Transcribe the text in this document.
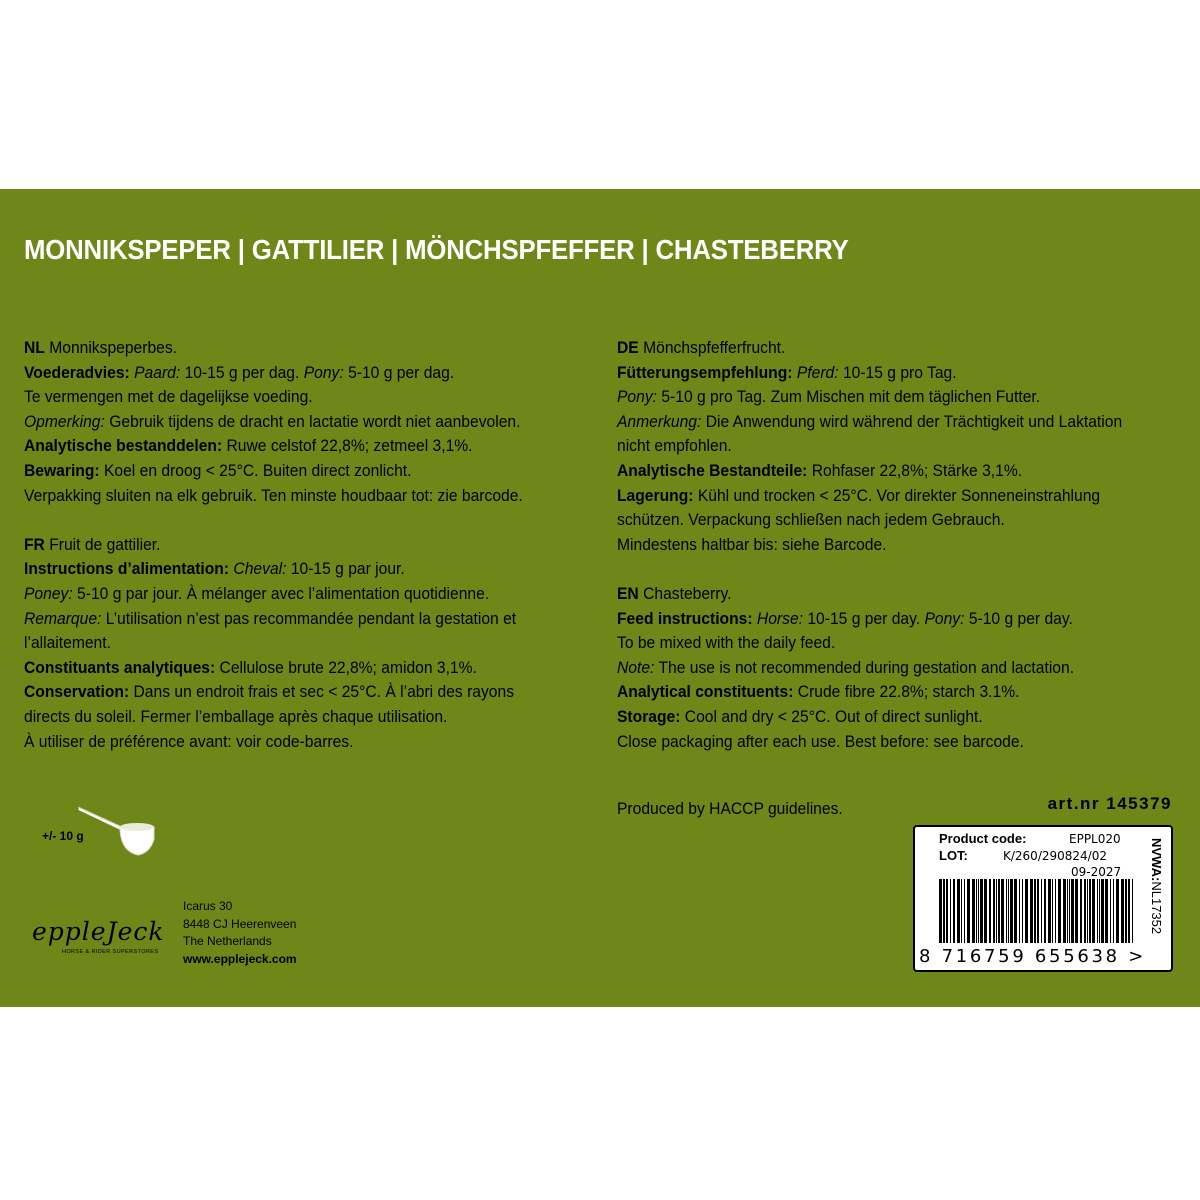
MONNIKSPEPER | GATTILIER | MÖNCHSPFEFFER | CHASTEBERRY
NL Monnikspeperbes.
Voederadvies: Paard: 10-15 g per dag. Pony: 5-10 g per dag.
Te vermengen met de dagelijkse voeding.
Opmerking: Gebruik tijdens de dracht en lactatie wordt niet aanbevolen.
Analytische bestanddelen: Ruwe celstof 22,8%; zetmeel 3,1%.
Bewaring: Koel en droog < 25°C. Buiten direct zonlicht.
Verpakking sluiten na elk gebruik. Ten minste houdbaar tot: zie barcode.
FR Fruit de gattilier.
Instructions d’alimentation: Cheval: 10-15 g par jour.
Poney: 5-10 g par jour. À mélanger avec l’alimentation quotidienne.
Remarque: L’utilisation n’est pas recommandée pendant la gestation et
l’allaitement.
Constituants analytiques: Cellulose brute 22,8%; amidon 3,1%.
Conservation: Dans un endroit frais et sec < 25°C. À l’abri des rayons
directs du soleil. Fermer l’emballage après chaque utilisation.
À utiliser de préférence avant: voir code-barres.
DE Mönchspfefferfrucht.
Fütterungsempfehlung: Pferd: 10-15 g pro Tag.
Pony: 5-10 g pro Tag. Zum Mischen mit dem täglichen Futter.
Anmerkung: Die Anwendung wird während der Trächtigkeit und Laktation
nicht empfohlen.
Analytische Bestandteile: Rohfaser 22,8%; Stärke 3,1%.
Lagerung: Kühl und trocken < 25°C. Vor direkter Sonneneinstrahlung
schützen. Verpackung schließen nach jedem Gebrauch.
Mindestens haltbar bis: siehe Barcode.
EN Chasteberry.
Feed instructions: Horse: 10-15 g per day. Pony: 5-10 g per day.
To be mixed with the daily feed.
Note: The use is not recommended during gestation and lactation.
Analytical constituents: Crude fibre 22.8%; starch 3.1%.
Storage: Cool and dry < 25°C. Out of direct sunlight.
Close packaging after each use. Best before: see barcode.
Produced by HACCP guidelines.	art.nr 145379
+/- 10 g
eppleJeck
HORSE & RIDER SUPERSTORES
Icarus 30
8448 CJ Heerenveen
The Netherlands
www.epplejeck.com
Product code:	EPPL020
LOT:	K/260/290824/02
09-2027
8 716759 655638 >
NVWA:NL17352
